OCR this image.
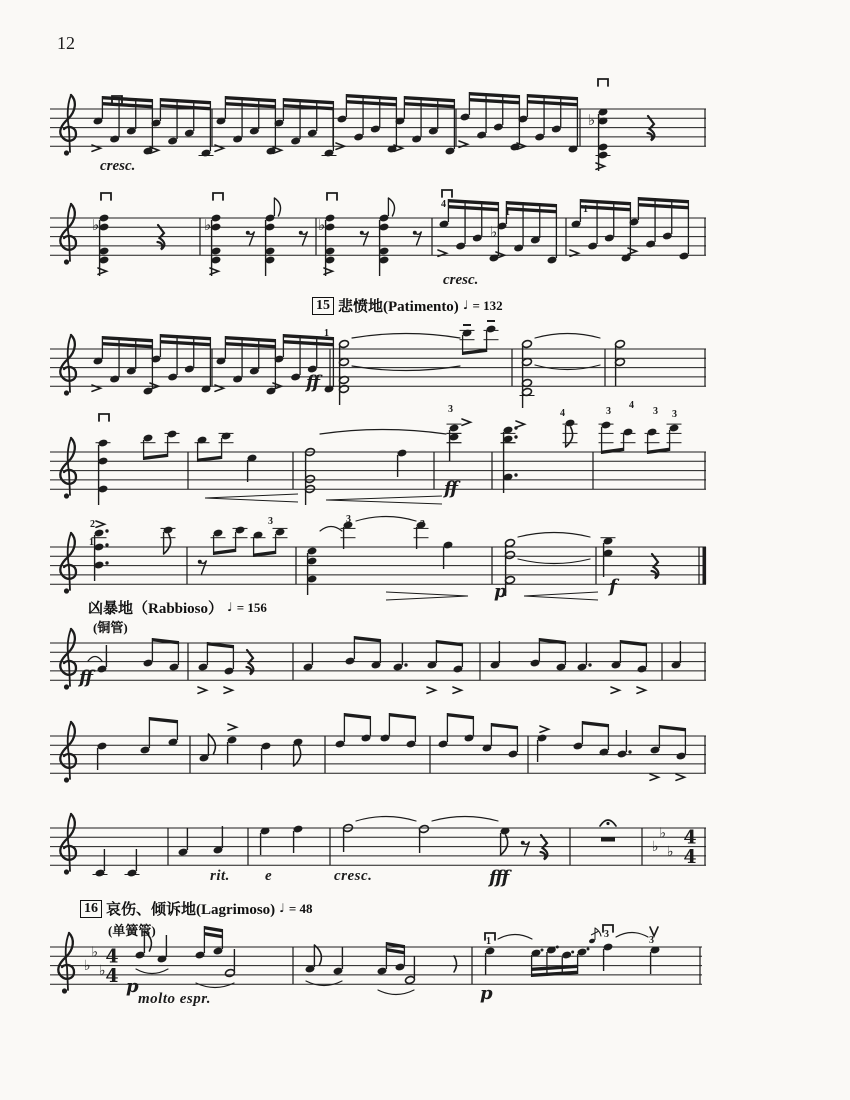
♭
♭	♭	♭	♭
♭
♭
♭
4
4
♭
♭
♭
4
4
12
cresc.
cresc.
ff
ff
p	f
ff
rit. e	cresc.	fff
p
molto espr.	p
4
1	1
1
3	4	3
4
3 3
2
1
3	3	3
1
3
3
15 悲愤地(Patimento) ♩ = 132
凶暴地（Rabbioso） ♩ = 156
(铜管)
16 哀伤、倾诉地(Lagrimoso) ♩ = 48
(单簧管)
